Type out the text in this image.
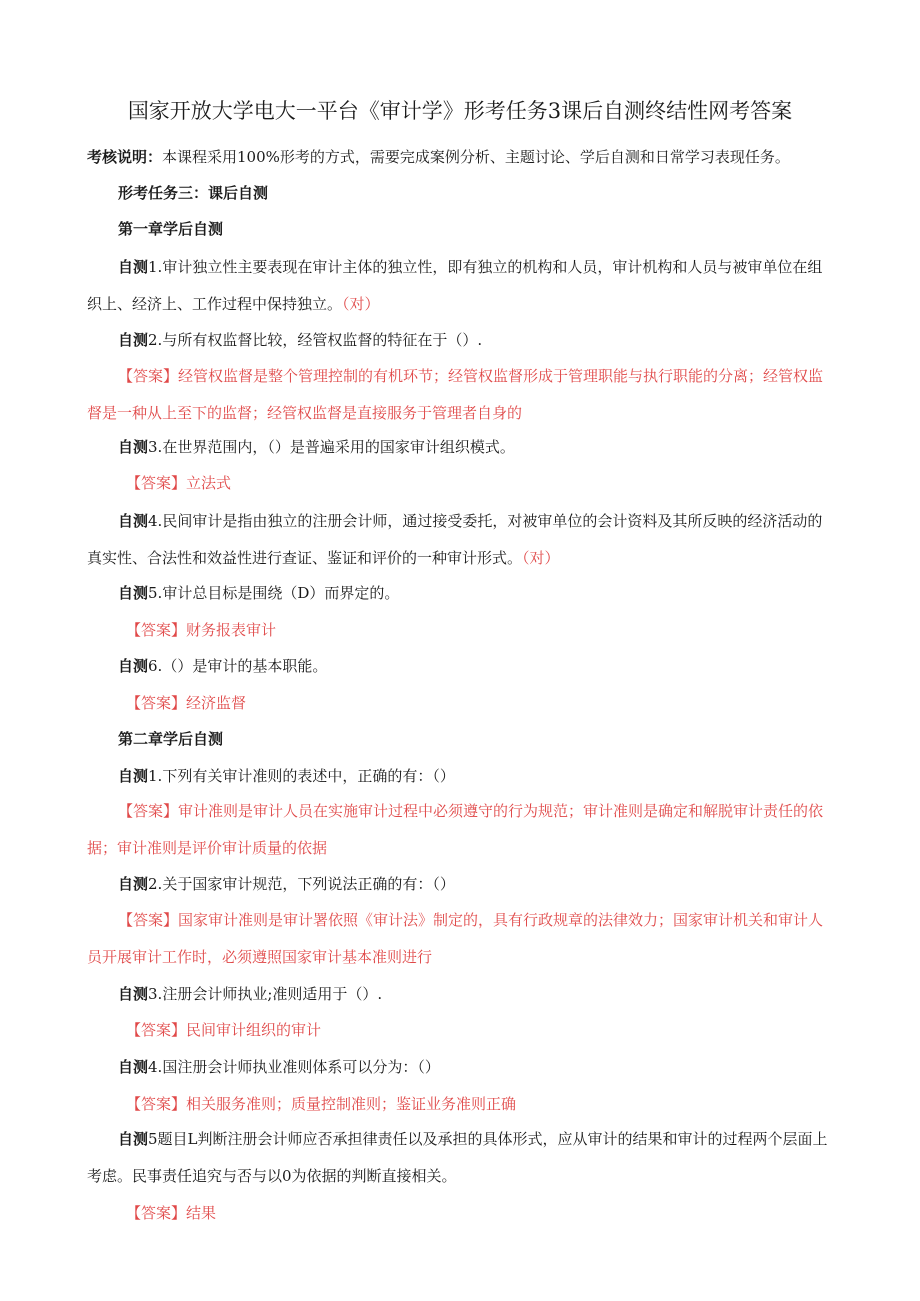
国家开放大学电大一平台《审计学》形考任务3课后自测终结性网考答案
考核说明：本课程采用100%形考的方式，需要完成案例分析、主题讨论、学后自测和日常学习表现任务。
形考任务三：课后自测
第一章学后自测
自测1.审计独立性主要表现在审计主体的独立性，即有独立的机构和人员，审计机构和人员与被审单位在组织上、经济上、工作过程中保持独立。（对）
自测2.与所有权监督比较，经管权监督的特征在于（）.
【答案】经管权监督是整个管理控制的有机环节；经管权监督形成于管理职能与执行职能的分离；经管权监督是一种从上至下的监督；经管权监督是直接服务于管理者自身的
自测3.在世界范围内，（）是普遍采用的国家审计组织模式。
【答案】立法式
自测4.民间审计是指由独立的注册会计师，通过接受委托，对被审单位的会计资料及其所反映的经济活动的真实性、合法性和效益性进行查证、鉴证和评价的一种审计形式。（对）
自测5.审计总目标是围绕（D）而界定的。
【答案】财务报表审计
自测6.（）是审计的基本职能。
【答案】经济监督
第二章学后自测
自测1.下列有关审计准则的表述中，正确的有：（）
【答案】审计准则是审计人员在实施审计过程中必须遵守的行为规范；审计准则是确定和解脱审计责任的依据；审计准则是评价审计质量的依据
自测2.关于国家审计规范，下列说法正确的有：（）
【答案】国家审计准则是审计署依照《审计法》制定的，具有行政规章的法律效力；国家审计机关和审计人员开展审计工作时，必须遵照国家审计基本准则进行
自测3.注册会计师执业;准则适用于（）.
【答案】民间审计组织的审计
自测4.国注册会计师执业准则体系可以分为：（）
【答案】相关服务准则；质量控制准则；鉴证业务准则正确
自测5题目L判断注册会计师应否承担律责任以及承担的具体形式，应从审计的结果和审计的过程两个层面上考虑。民事责任追究与否与以0为依据的判断直接相关。
【答案】结果
